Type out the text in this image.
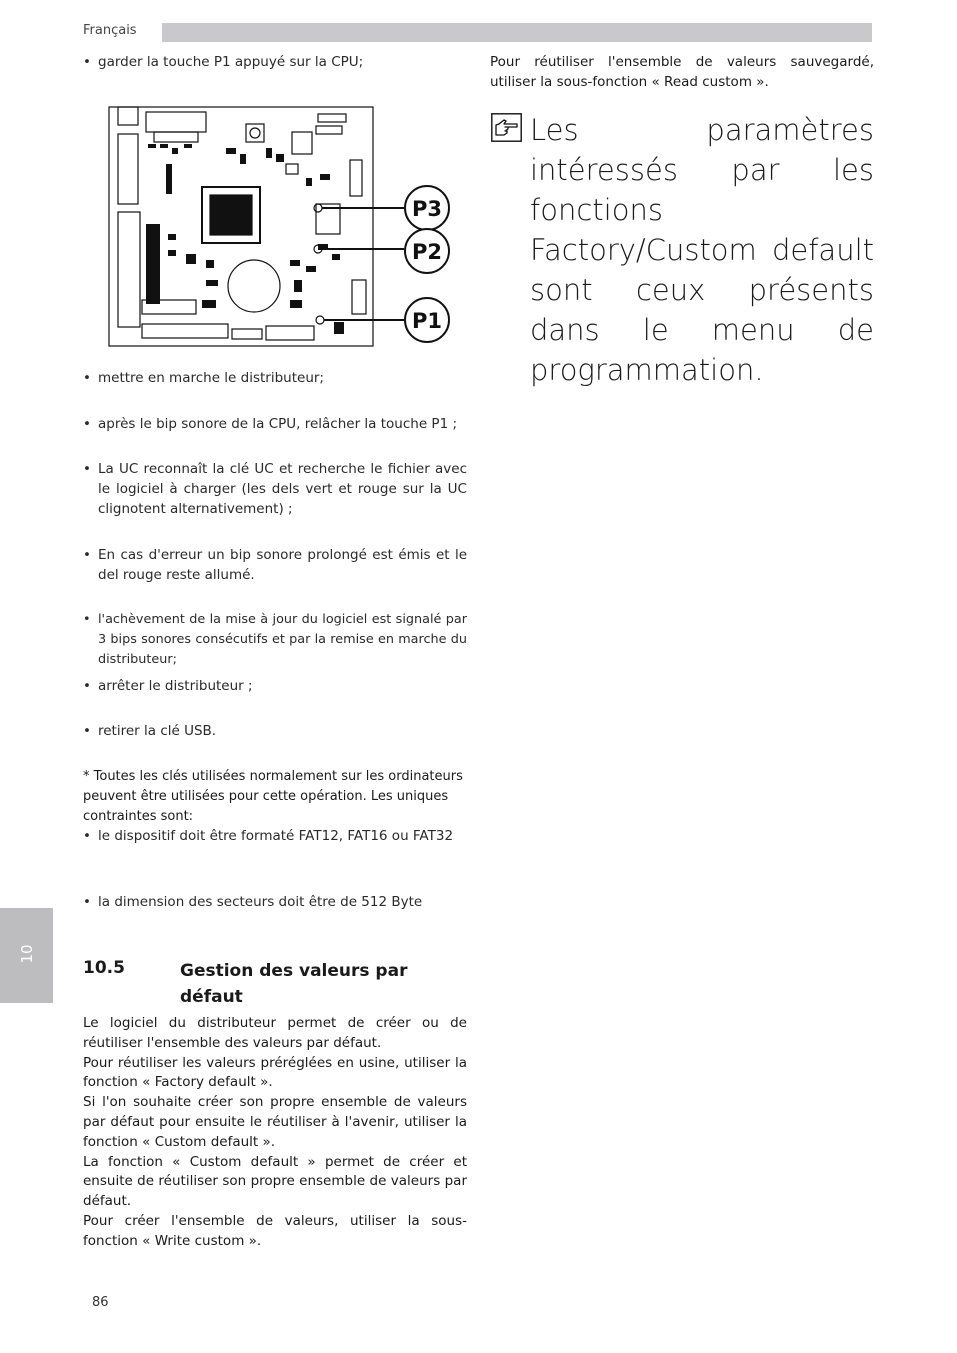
Français
• garder la touche P1 appuyé sur la CPU;
P3
P2
P1
• mettre en marche le distributeur;
• après le bip sonore de la CPU, relâcher la touche P1 ;
• La UC reconnaît la clé UC et recherche le fichier avec le logiciel à charger (les dels vert et rouge sur la UC clignotent alternativement) ;
• En cas d'erreur un bip sonore prolongé est émis et le del rouge reste allumé.
• l'achèvement de la mise à jour du logiciel est signalé par 3 bips sonores consécutifs et par la remise en marche du distributeur;
• arrêter le distributeur ;
• retirer la clé USB.
* Toutes les clés utilisées normalement sur les ordinateurs peuvent être utilisées pour cette opération. Les uniques contraintes sont:
• le dispositif doit être formaté FAT12, FAT16 ou FAT32
• la dimension des secteurs doit être de 512 Byte
10
10.5	Gestion des valeurs par défaut

Le logiciel du distributeur permet de créer ou de réutiliser l'ensemble des valeurs par défaut.

Pour réutiliser les valeurs préréglées en usine, utiliser la fonction « Factory default ».

Si l'on souhaite créer son propre ensemble de valeurs par défaut pour ensuite le réutiliser à l'avenir, utiliser la fonction « Custom default ».

La fonction « Custom default » permet de créer et ensuite de réutiliser son propre ensemble de valeurs par défaut.

Pour créer l'ensemble de valeurs, utiliser la sous-fonction « Write custom ».

Pour réutiliser l'ensemble de valeurs sauvegardé, utiliser la sous-fonction « Read custom ».
Les paramètres intéressés par les fonctions Factory/Custom default sont ceux présents dans le menu de programmation.
86
